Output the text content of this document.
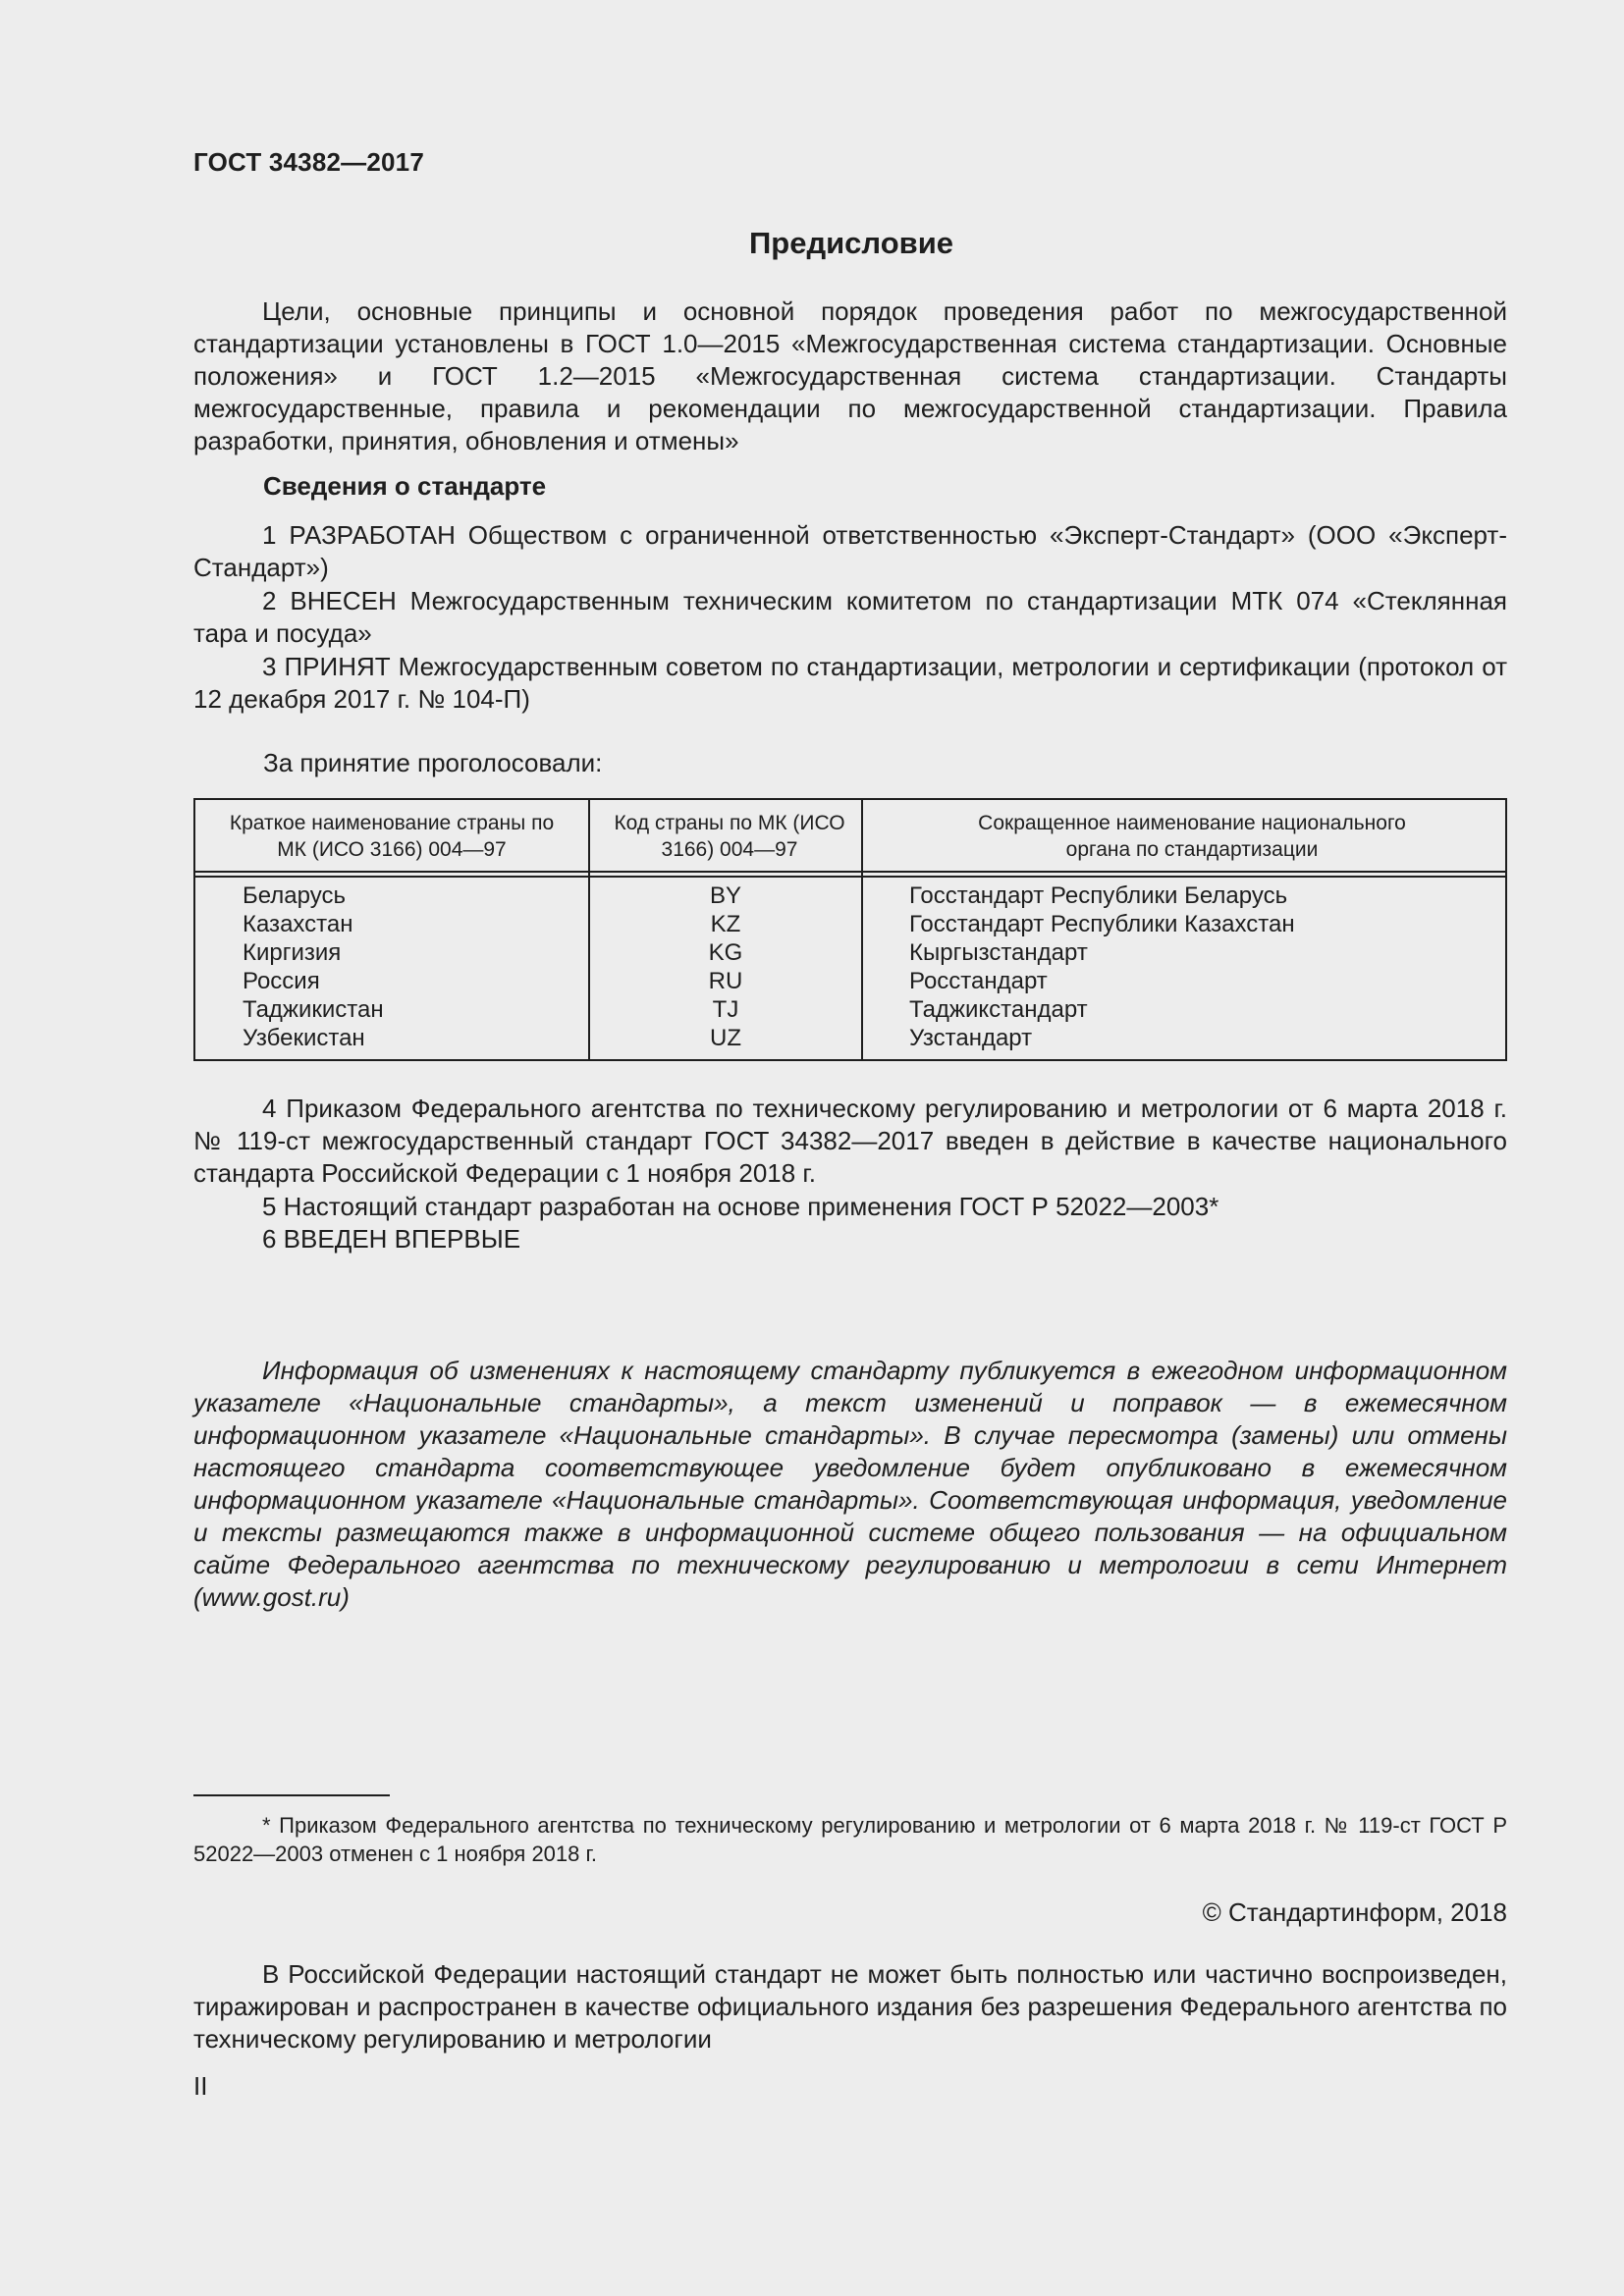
ГОСТ 34382—2017
Предисловие

Цели, основные принципы и основной порядок проведения работ по межгосударственной стандартизации установлены в ГОСТ 1.0—2015 «Межгосударственная система стандартизации. Основные положения» и ГОСТ 1.2—2015 «Межгосударственная система стандартизации. Стандарты межгосударственные, правила и рекомендации по межгосударственной стандартизации. Правила разработки, принятия, обновления и отмены»

Сведения о стандарте

1 РАЗРАБОТАН Обществом с ограниченной ответственностью «Эксперт-Стандарт» (ООО «Эксперт-Стандарт»)

2 ВНЕСЕН Межгосударственным техническим комитетом по стандартизации МТК 074 «Стеклянная тара и посуда»

3 ПРИНЯТ Межгосударственным советом по стандартизации, метрологии и сертификации (протокол от 12 декабря 2017 г. № 104-П)

За принятие проголосовали:
Краткое наименование страны по МК (ИСО 3166) 004—97
Код страны по МК (ИСО 3166) 004—97
Сокращенное наименование национального органа по стандартизации
Беларусь
Казахстан
Киргизия
Россия
Таджикистан
Узбекистан
BY
KZ
KG
RU
TJ
UZ
Госстандарт Республики Беларусь
Госстандарт Республики Казахстан
Кыргызстандарт
Росстандарт
Таджикстандарт
Узстандарт

4 Приказом Федерального агентства по техническому регулированию и метрологии от 6 марта 2018 г. № 119-ст межгосударственный стандарт ГОСТ 34382—2017 введен в действие в качестве национального стандарта Российской Федерации с 1 ноября 2018 г.

5 Настоящий стандарт разработан на основе применения ГОСТ Р 52022—2003*

6 ВВЕДЕН ВПЕРВЫЕ

Информация об изменениях к настоящему стандарту публикуется в ежегодном информационном указателе «Национальные стандарты», а текст изменений и поправок — в ежемесячном информационном указателе «Национальные стандарты». В случае пересмотра (замены) или отмены настоящего стандарта соответствующее уведомление будет опубликовано в ежемесячном информационном указателе «Национальные стандарты». Соответствующая информация, уведомление и тексты размещаются также в информационной системе общего пользования — на официальном сайте Федерального агентства по техническому регулированию и метрологии в сети Интернет (www.gost.ru)

* Приказом Федерального агентства по техническому регулированию и метрологии от 6 марта 2018 г. № 119-ст ГОСТ Р 52022—2003 отменен с 1 ноября 2018 г.

© Стандартинформ, 2018

В Российской Федерации настоящий стандарт не может быть полностью или частично воспроизведен, тиражирован и распространен в качестве официального издания без разрешения Федерального агентства по техническому регулированию и метрологии

II
